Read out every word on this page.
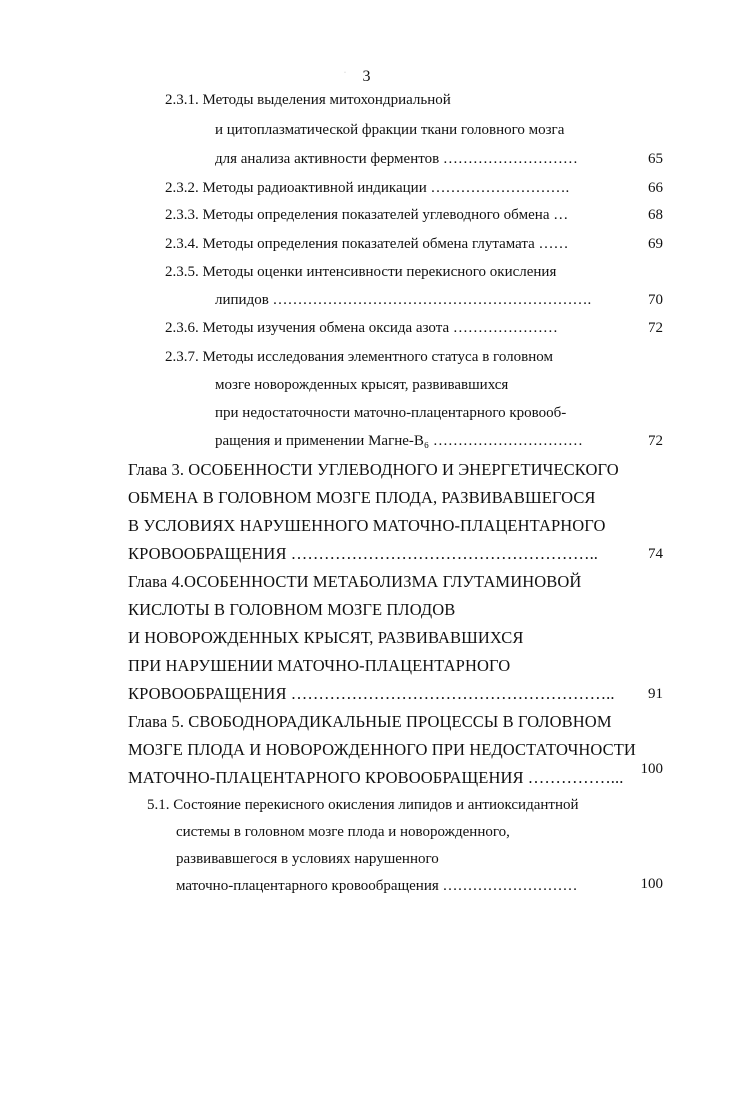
·	3
2.3.1. Методы выделения митохондриальной
и цитоплазматической фракции ткани головного мозга
для анализа активности ферментов ………………………	65
2.3.2. Методы радиоактивной индикации ……………………….	66
2.3.3. Методы определения показателей углеводного обмена …	68
2.3.4. Методы определения показателей обмена глутамата ……	69
2.3.5. Методы оценки интенсивности перекисного окисления
липидов ……………………………………………………….	70
2.3.6. Методы изучения обмена оксида азота …………………	72
2.3.7. Методы исследования элементного статуса в головном
мозге новорожденных крысят, развивавшихся
при недостаточности маточно-плацентарного кровооб-
ращения и применении Магне-B₆ …………………………	72
Глава 3. ОСОБЕННОСТИ УГЛЕВОДНОГО И ЭНЕРГЕТИЧЕСКОГО
ОБМЕНА В ГОЛОВНОМ МОЗГЕ ПЛОДА, РАЗВИВАВШЕГОСЯ
В УСЛОВИЯХ НАРУШЕННОГО МАТОЧНО-ПЛАЦЕНТАРНОГО
КРОВООБРАЩЕНИЯ ………………………………………………..	74
Глава 4.ОСОБЕННОСТИ МЕТАБОЛИЗМА ГЛУТАМИНОВОЙ
КИСЛОТЫ В ГОЛОВНОМ МОЗГЕ ПЛОДОВ
И НОВОРОЖДЕННЫХ КРЫСЯТ, РАЗВИВАВШИХСЯ
ПРИ НАРУШЕНИИ МАТОЧНО-ПЛАЦЕНТАРНОГО
КРОВООБРАЩЕНИЯ ………………………………………………….. 91
Глава 5. СВОБОДНОРАДИКАЛЬНЫЕ ПРОЦЕССЫ В ГОЛОВНОМ
МОЗГЕ ПЛОДА И НОВОРОЖДЕННОГО ПРИ НЕДОСТАТОЧНОСТИ
МАТОЧНО-ПЛАЦЕНТАРНОГО КРОВООБРАЩЕНИЯ ……………... 100
5.1. Состояние перекисного окисления липидов и антиоксидантной
системы в головном мозге плода и новорожденного,
развивавшегося в условиях нарушенного
маточно-плацентарного кровообращения ………………………	100
